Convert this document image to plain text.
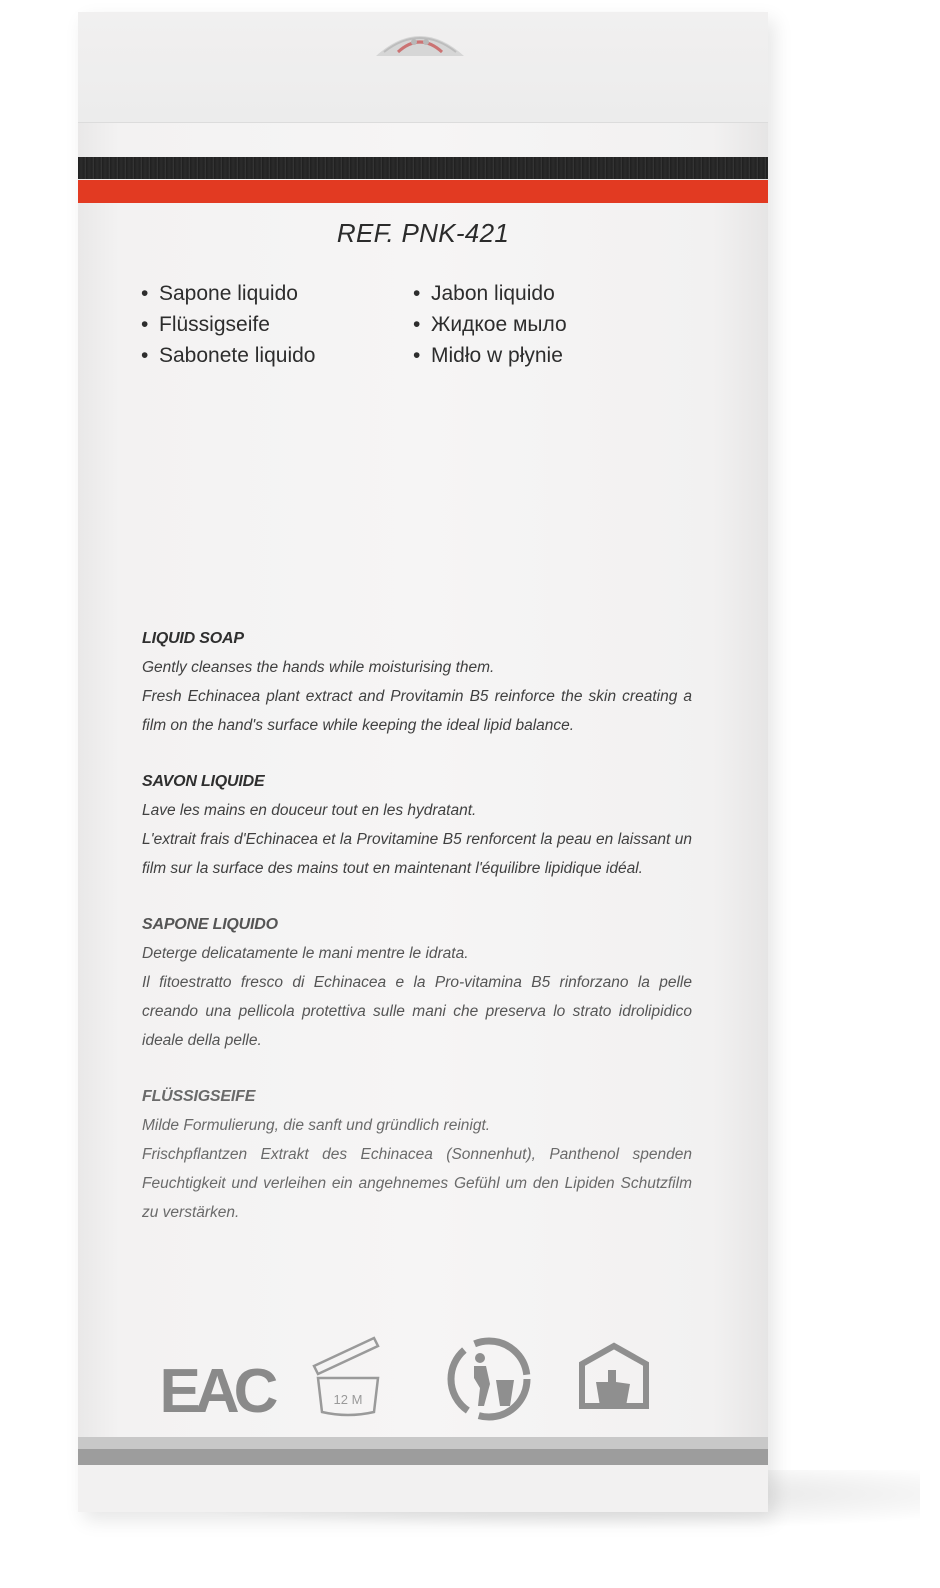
REF. PNK-421
• Sapone liquido
• Flüssigseife
• Sabonete liquido
• Jabon liquido
• Жидкое мыло
• Midło w płynie
LIQUID SOAP
Gently cleanses the hands while moisturising them.
Fresh Echinacea plant extract and Provitamin B5 reinforce the skin creating a film on the hand's surface while keeping the ideal lipid balance.
SAVON LIQUIDE
Lave les mains en douceur tout en les hydratant.
L'extrait frais d'Echinacea et la Provitamine B5 renforcent la peau en laissant un film sur la surface des mains tout en maintenant l'équilibre lipidique idéal.
SAPONE LIQUIDO
Deterge delicatamente le mani mentre le idrata.
Il fitoestratto fresco di Echinacea e la Pro-vitamina B5 rinforzano la pelle creando una pellicola protettiva sulle mani che preserva lo strato idrolipidico ideale della pelle.
FLÜSSIGSEIFE
Milde Formulierung, die sanft und gründlich reinigt.
Frischpflantzen Extrakt des Echinacea (Sonnenhut), Panthenol spenden Feuchtigkeit und verleihen ein angehnemes Gefühl um den Lipiden Schutzfilm zu verstärken.
EAC	12 M
